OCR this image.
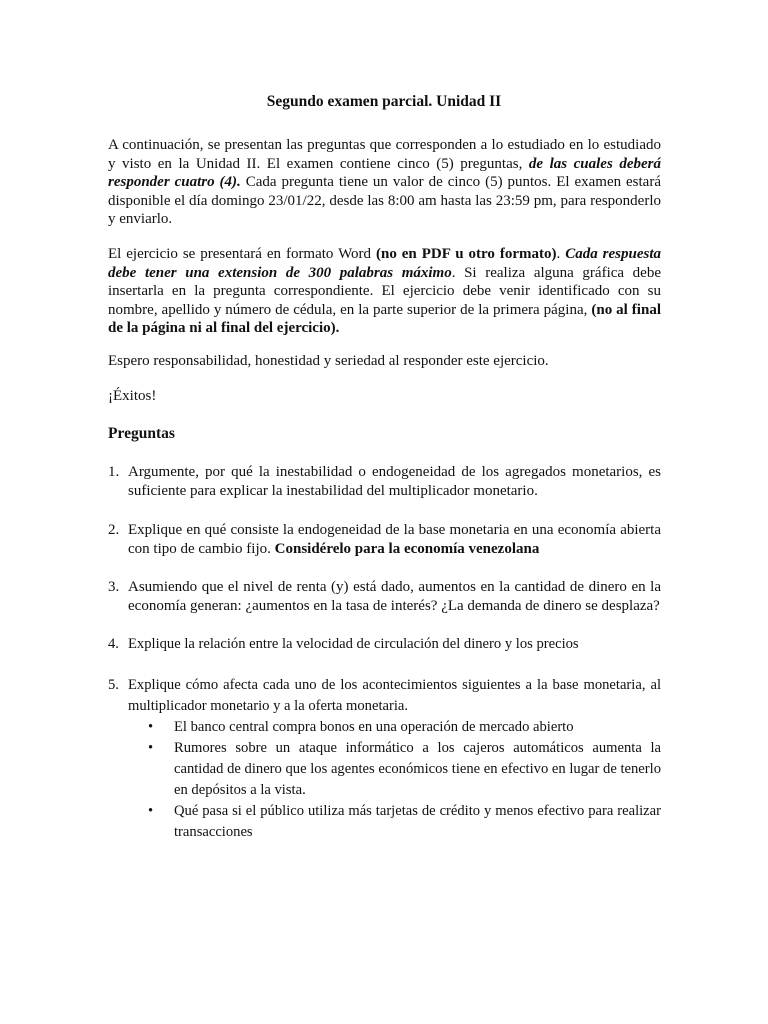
Segundo examen parcial. Unidad II
A continuación, se presentan las preguntas que corresponden a lo estudiado en lo estudiado y visto en la Unidad II. El examen contiene cinco (5) preguntas, de las cuales deberá responder cuatro (4). Cada pregunta tiene un valor de cinco (5) puntos. El examen estará disponible el día domingo 23/01/22, desde las 8:00 am hasta las 23:59 pm, para responderlo y enviarlo.
El ejercicio se presentará en formato Word (no en PDF u otro formato). Cada respuesta debe tener una extension de 300 palabras máximo. Si realiza alguna gráfica debe insertarla en la pregunta correspondiente. El ejercicio debe venir identificado con su nombre, apellido y número de cédula, en la parte superior de la primera página, (no al final de la página ni al final del ejercicio).
Espero responsabilidad, honestidad y seriedad al responder este ejercicio.
¡Éxitos!
Preguntas
1. Argumente, por qué la inestabilidad o endogeneidad de los agregados monetarios, es suficiente para explicar la inestabilidad del multiplicador monetario.
2. Explique en qué consiste la endogeneidad de la base monetaria en una economía abierta con tipo de cambio fijo. Considérelo para la economía venezolana
3. Asumiendo que el nivel de renta (y) está dado, aumentos en la cantidad de dinero en la economía generan: ¿aumentos en la tasa de interés? ¿La demanda de dinero se desplaza?
4. Explique la relación entre la velocidad de circulación del dinero y los precios
5. Explique cómo afecta cada uno de los acontecimientos siguientes a la base monetaria, al multiplicador monetario y a la oferta monetaria.
• El banco central compra bonos en una operación de mercado abierto
• Rumores sobre un ataque informático a los cajeros automáticos aumenta la cantidad de dinero que los agentes económicos tiene en efectivo en lugar de tenerlo en depósitos a la vista.
• Qué pasa si el público utiliza más tarjetas de crédito y menos efectivo para realizar transacciones
